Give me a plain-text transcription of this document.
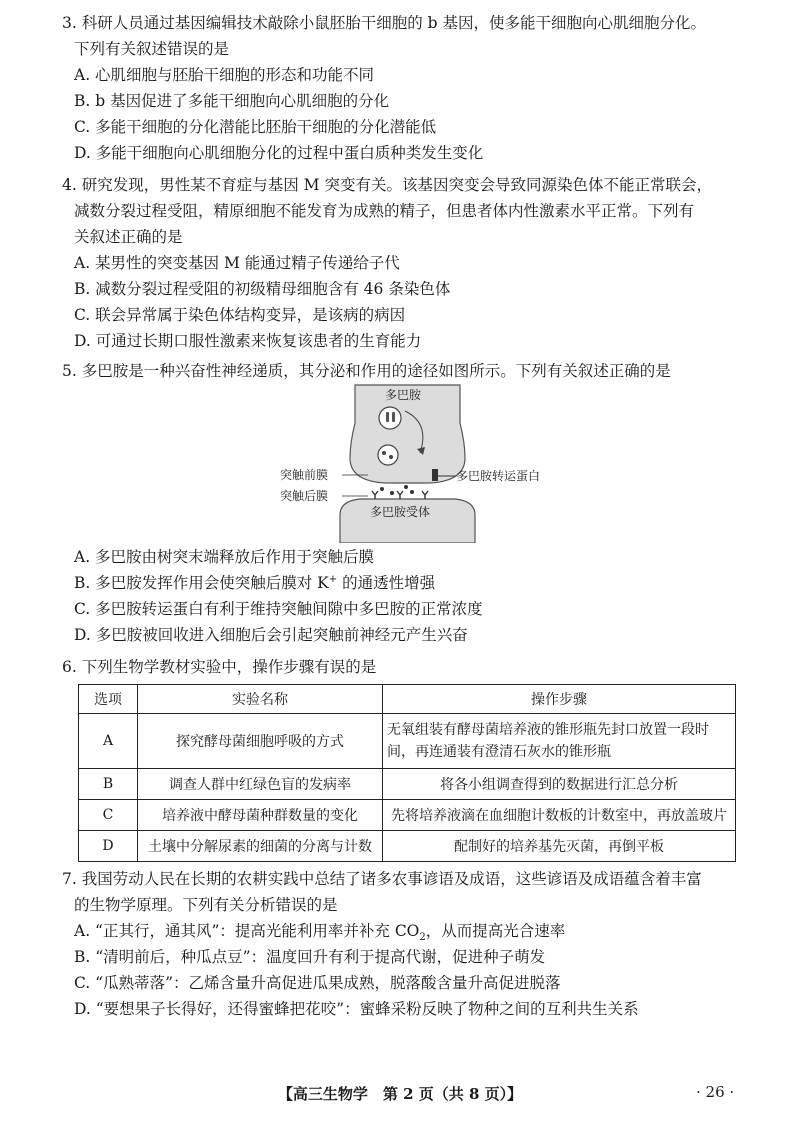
3. 科研人员通过基因编辑技术敲除小鼠胚胎干细胞的 b 基因，使多能干细胞向心肌细胞分化。
下列有关叙述错误的是
A. 心肌细胞与胚胎干细胞的形态和功能不同
B. b 基因促进了多能干细胞向心肌细胞的分化
C. 多能干细胞的分化潜能比胚胎干细胞的分化潜能低
D. 多能干细胞向心肌细胞分化的过程中蛋白质种类发生变化
4. 研究发现，男性某不育症与基因 M 突变有关。该基因突变会导致同源染色体不能正常联会，
减数分裂过程受阻，精原细胞不能发育为成熟的精子，但患者体内性激素水平正常。下列有
关叙述正确的是
A. 某男性的突变基因 M 能通过精子传递给子代
B. 减数分裂过程受阻的初级精母细胞含有 46 条染色体
C. 联会异常属于染色体结构变异，是该病的病因
D. 可通过长期口服性激素来恢复该患者的生育能力
5. 多巴胺是一种兴奋性神经递质，其分泌和作用的途径如图所示。下列有关叙述正确的是
多巴胺
突触前膜
突触后膜
多巴胺转运蛋白
多巴胺受体
A. 多巴胺由树突末端释放后作用于突触后膜
B. 多巴胺发挥作用会使突触后膜对 K+ 的通透性增强
C. 多巴胺转运蛋白有利于维持突触间隙中多巴胺的正常浓度
D. 多巴胺被回收进入细胞后会引起突触前神经元产生兴奋
6. 下列生物学教材实验中，操作步骤有误的是
选项	实验名称	操作步骤
A	探究酵母菌细胞呼吸的方式	无氧组装有酵母菌培养液的锥形瓶先封口放置一段时
间，再连通装有澄清石灰水的锥形瓶

B	调查人群中红绿色盲的发病率	将各小组调查得到的数据进行汇总分析
C	培养液中酵母菌种群数量的变化	先将培养液滴在血细胞计数板的计数室中，再放盖玻片
D	土壤中分解尿素的细菌的分离与计数	配制好的培养基先灭菌，再倒平板
7. 我国劳动人民在长期的农耕实践中总结了诸多农事谚语及成语，这些谚语及成语蕴含着丰富
的生物学原理。下列有关分析错误的是
A. “正其行，通其风”：提高光能利用率并补充 $CO_2$，从而提高光合速率
B. “清明前后，种瓜点豆”：温度回升有利于提高代谢，促进种子萌发
C. “瓜熟蒂落”：乙烯含量升高促进瓜果成熟，脱落酸含量升高促进脱落
D. “要想果子长得好，还得蜜蜂把花咬”：蜜蜂采粉反映了物种之间的互利共生关系
【高三生物学　第 2 页（共 8 页）】	· 26 ·
